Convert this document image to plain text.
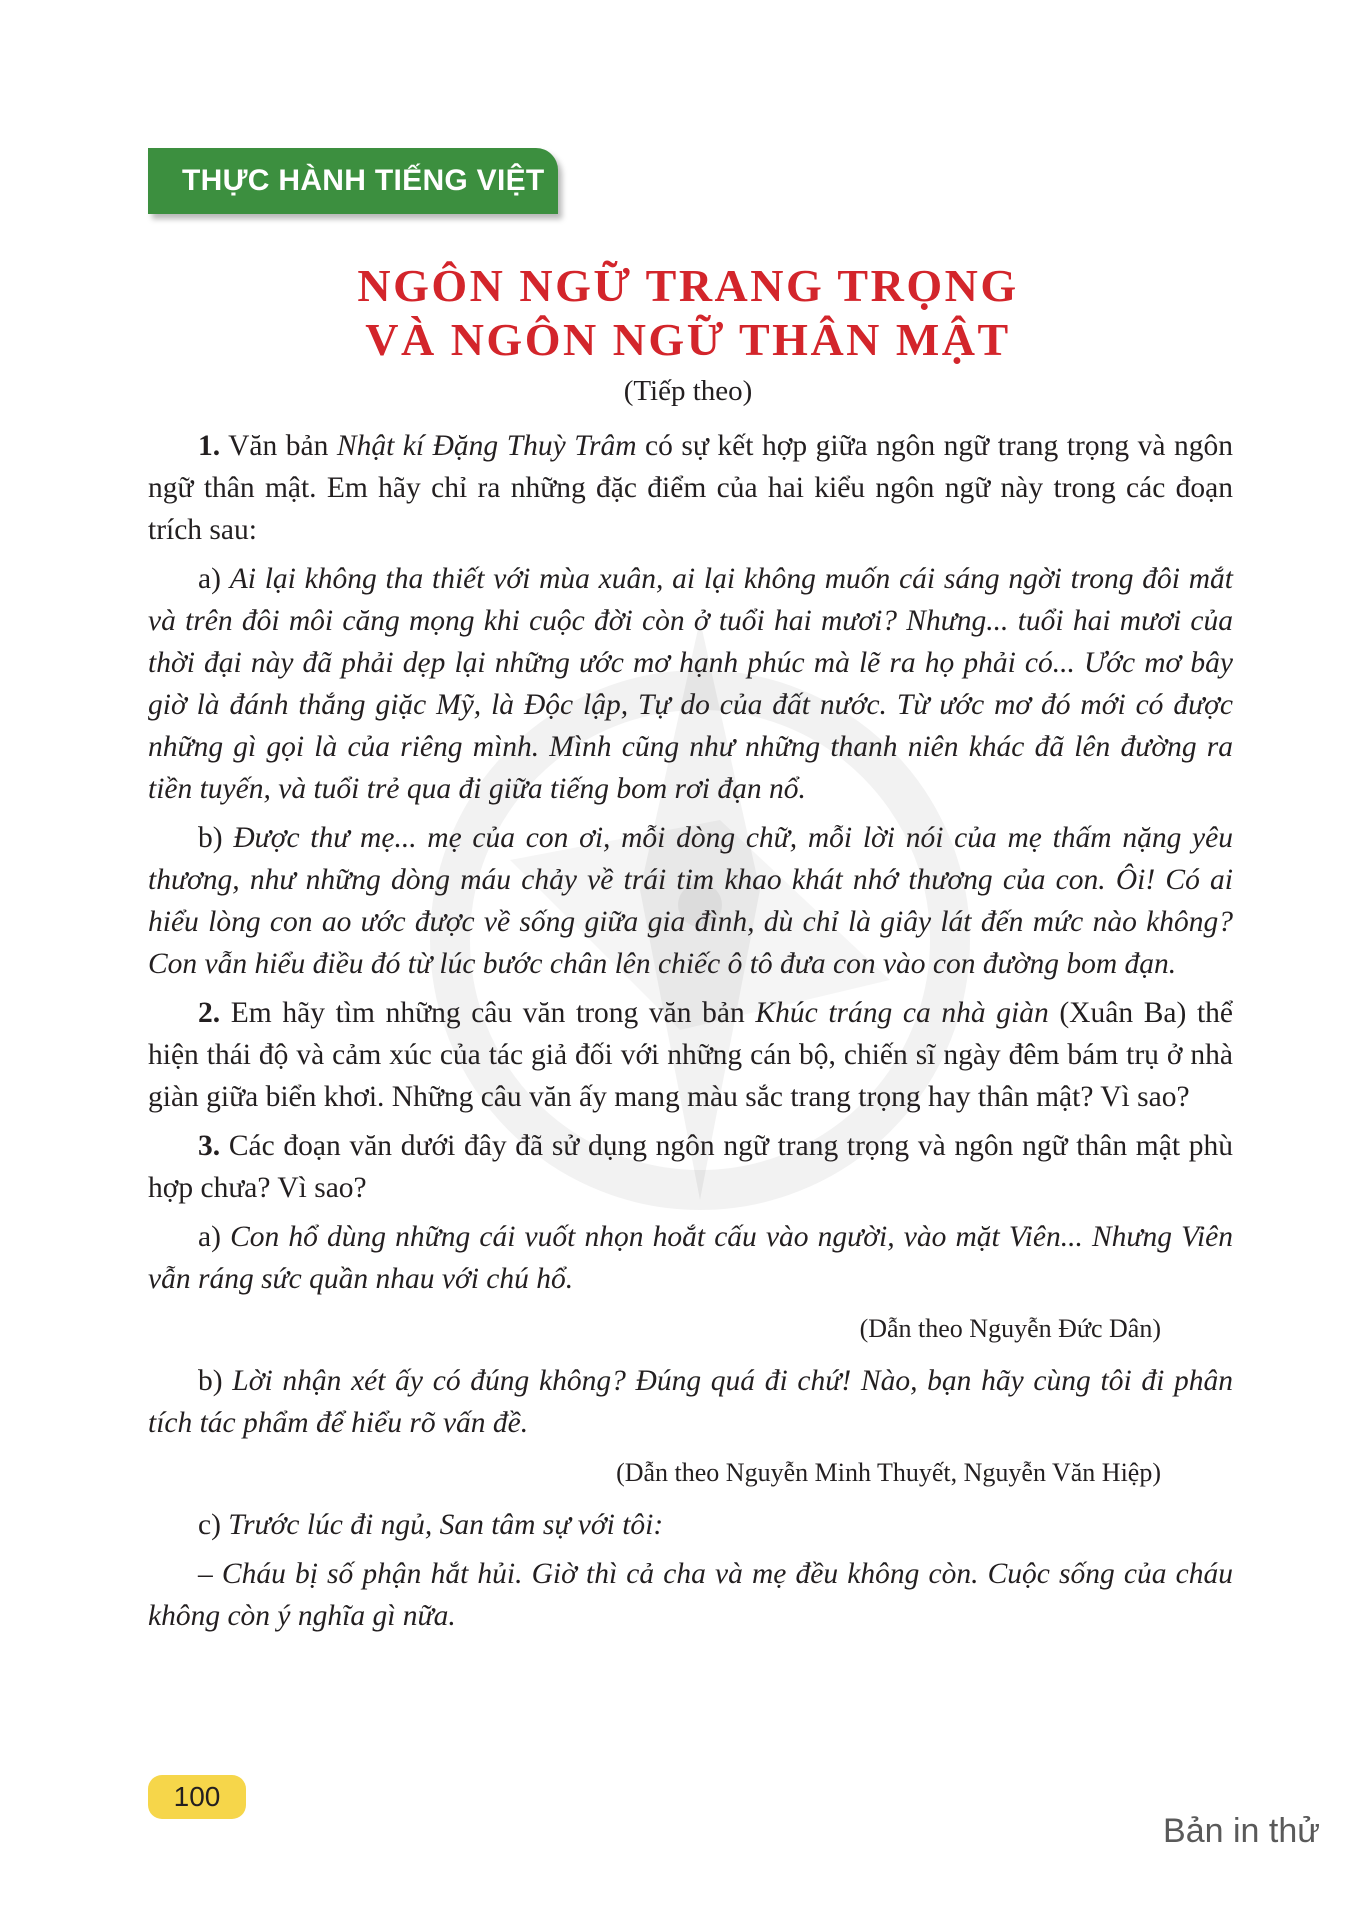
THỰC HÀNH TIẾNG VIỆT
NGÔN NGỮ TRANG TRỌNG
VÀ NGÔN NGỮ THÂN MẬT
(Tiếp theo)

1. Văn bản Nhật kí Đặng Thuỳ Trâm có sự kết hợp giữa ngôn ngữ trang trọng và ngôn ngữ thân mật. Em hãy chỉ ra những đặc điểm của hai kiểu ngôn ngữ này trong các đoạn trích sau:

a) Ai lại không tha thiết với mùa xuân, ai lại không muốn cái sáng ngời trong đôi mắt và trên đôi môi căng mọng khi cuộc đời còn ở tuổi hai mươi? Nhưng... tuổi hai mươi của thời đại này đã phải dẹp lại những ước mơ hạnh phúc mà lẽ ra họ phải có... Ước mơ bây giờ là đánh thắng giặc Mỹ, là Độc lập, Tự do của đất nước. Từ ước mơ đó mới có được những gì gọi là của riêng mình. Mình cũng như những thanh niên khác đã lên đường ra tiền tuyến, và tuổi trẻ qua đi giữa tiếng bom rơi đạn nổ.

b) Được thư mẹ... mẹ của con ơi, mỗi dòng chữ, mỗi lời nói của mẹ thấm nặng yêu thương, như những dòng máu chảy về trái tim khao khát nhớ thương của con. Ôi! Có ai hiểu lòng con ao ước được về sống giữa gia đình, dù chỉ là giây lát đến mức nào không? Con vẫn hiểu điều đó từ lúc bước chân lên chiếc ô tô đưa con vào con đường bom đạn.

2. Em hãy tìm những câu văn trong văn bản Khúc tráng ca nhà giàn (Xuân Ba) thể hiện thái độ và cảm xúc của tác giả đối với những cán bộ, chiến sĩ ngày đêm bám trụ ở nhà giàn giữa biển khơi. Những câu văn ấy mang màu sắc trang trọng hay thân mật? Vì sao?

3. Các đoạn văn dưới đây đã sử dụng ngôn ngữ trang trọng và ngôn ngữ thân mật phù hợp chưa? Vì sao?

a) Con hổ dùng những cái vuốt nhọn hoắt cấu vào người, vào mặt Viên... Nhưng Viên vẫn ráng sức quần nhau với chú hổ.

(Dẫn theo Nguyễn Đức Dân)

b) Lời nhận xét ấy có đúng không? Đúng quá đi chứ! Nào, bạn hãy cùng tôi đi phân tích tác phẩm để hiểu rõ vấn đề.

(Dẫn theo Nguyễn Minh Thuyết, Nguyễn Văn Hiệp)

c) Trước lúc đi ngủ, San tâm sự với tôi:

– Cháu bị số phận hắt hủi. Giờ thì cả cha và mẹ đều không còn. Cuộc sống của cháu không còn ý nghĩa gì nữa.

100
Bản in thử
